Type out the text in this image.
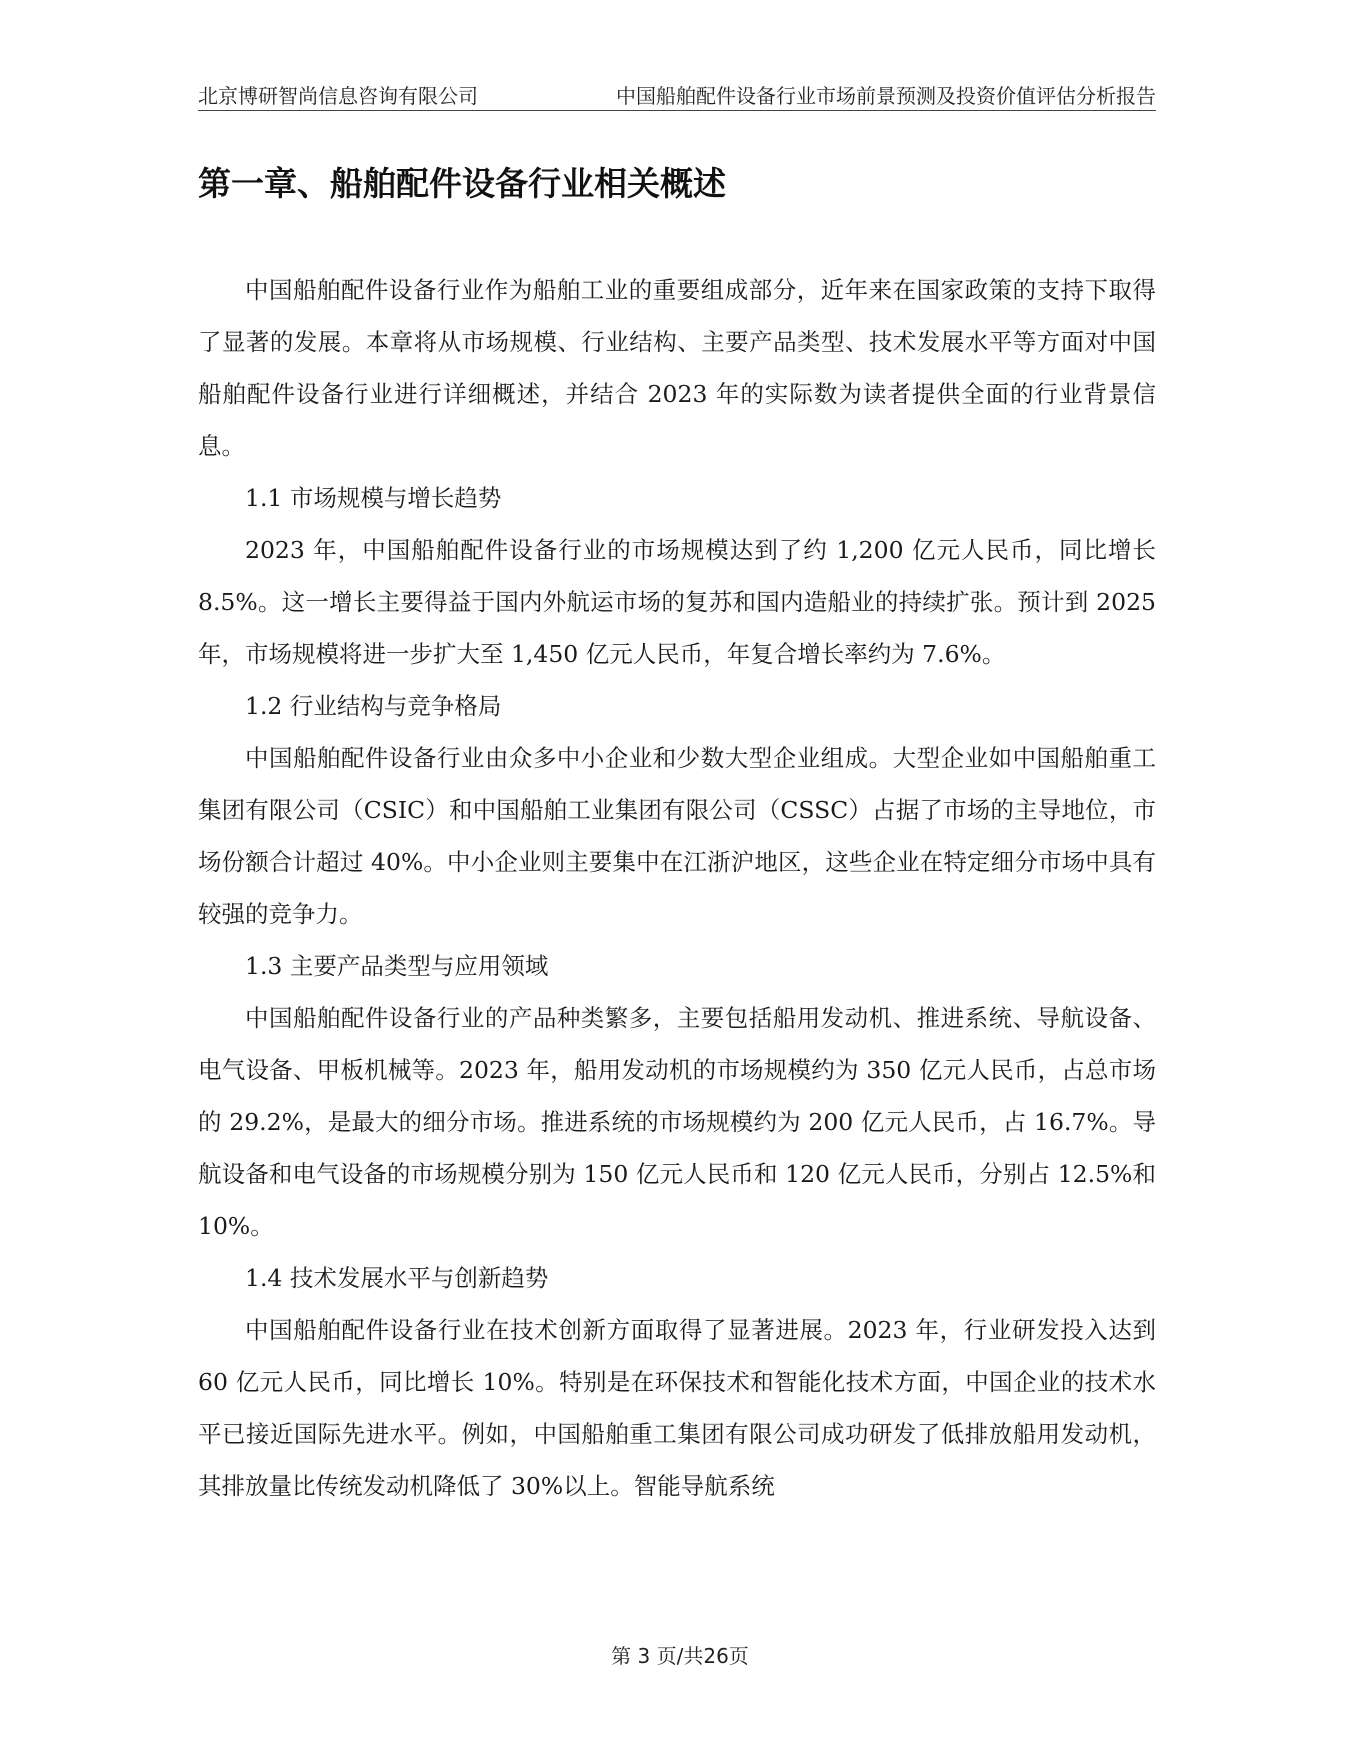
北京博研智尚信息咨询有限公司	中国船舶配件设备行业市场前景预测及投资价值评估分析报告
第一章、船舶配件设备行业相关概述

中国船舶配件设备行业作为船舶工业的重要组成部分，近年来在国家政策的支持下取得了显著的发展。本章将从市场规模、行业结构、主要产品类型、技术发展水平等方面对中国船舶配件设备行业进行详细概述，并结合 2023 年的实际数为读者提供全面的行业背景信息。

1.1 市场规模与增长趋势

2023 年，中国船舶配件设备行业的市场规模达到了约 1,200 亿元人民币，同比增长 8.5%。这一增长主要得益于国内外航运市场的复苏和国内造船业的持续扩张。预计到 2025 年，市场规模将进一步扩大至 1,450 亿元人民币，年复合增长率约为 7.6%。

1.2 行业结构与竞争格局

中国船舶配件设备行业由众多中小企业和少数大型企业组成。大型企业如中国船舶重工集团有限公司（CSIC）和中国船舶工业集团有限公司（CSSC）占据了市场的主导地位，市场份额合计超过 40%。中小企业则主要集中在江浙沪地区，这些企业在特定细分市场中具有较强的竞争力。

1.3 主要产品类型与应用领域

中国船舶配件设备行业的产品种类繁多，主要包括船用发动机、推进系统、导航设备、电气设备、甲板机械等。2023 年，船用发动机的市场规模约为 350 亿元人民币，占总市场的 29.2%，是最大的细分市场。推进系统的市场规模约为 200 亿元人民币，占 16.7%。导航设备和电气设备的市场规模分别为 150 亿元人民币和 120 亿元人民币，分别占 12.5%和 10%。

1.4 技术发展水平与创新趋势

中国船舶配件设备行业在技术创新方面取得了显著进展。2023 年，行业研发投入达到 60 亿元人民币，同比增长 10%。特别是在环保技术和智能化技术方面，中国企业的技术水平已接近国际先进水平。例如，中国船舶重工集团有限公司成功研发了低排放船用发动机，其排放量比传统发动机降低了 30%以上。智能导航系统

第 3 页/共26页
